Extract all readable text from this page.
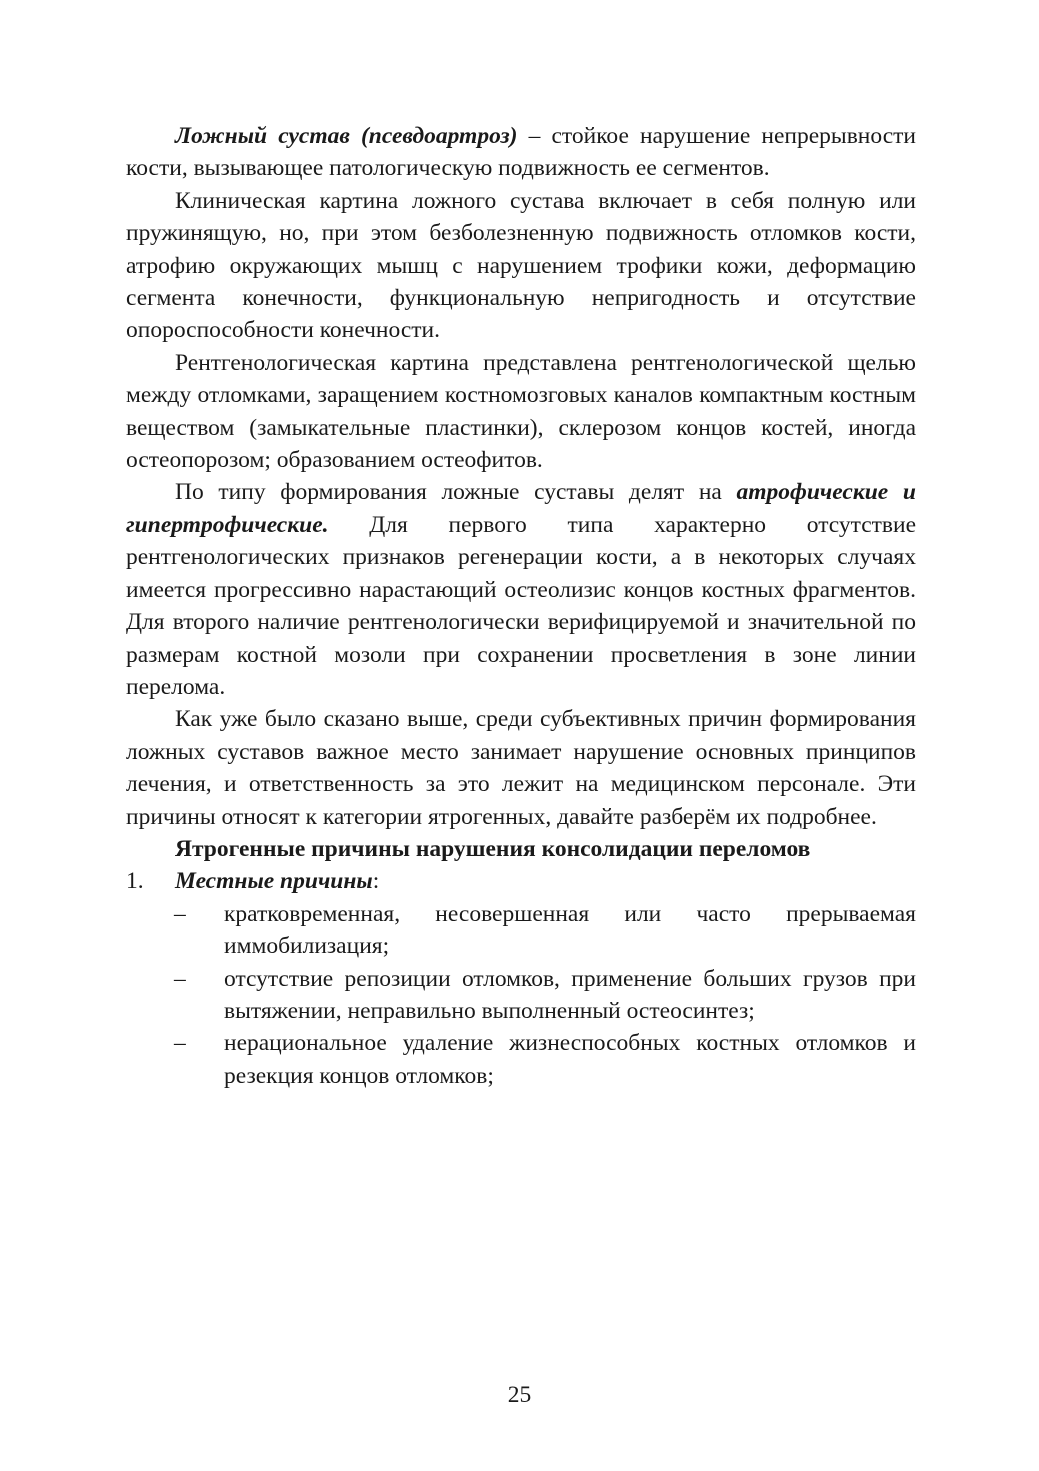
Ложный сустав (псевдоартроз) – стойкое нарушение непрерывности кости, вызывающее патологическую подвижность ее сегментов.

Клиническая картина ложного сустава включает в себя полную или пружинящую, но, при этом безболезненную подвижность отломков кости, атрофию окружающих мышц с нарушением трофики кожи, деформацию сегмента конечности, функциональную непригодность и отсутствие опороспособности конечности.

Рентгенологическая картина представлена рентгенологической щелью между отломками, заращением костномозговых каналов компактным костным веществом (замыкательные пластинки), склерозом концов костей, иногда остеопорозом; образованием остеофитов.

По типу формирования ложные суставы делят на атрофические и гипертрофические. Для первого типа характерно отсутствие рентгенологических признаков регенерации кости, а в некоторых случаях имеется прогрессивно нарастающий остеолизис концов костных фрагментов. Для второго наличие рентгенологически верифицируемой и значительной по размерам костной мозоли при сохранении просветления в зоне линии перелома.

Как уже было сказано выше, среди субъективных причин формирования ложных суставов важное место занимает нарушение основных принципов лечения, и ответственность за это лежит на медицинском персонале. Эти причины относят к категории ятрогенных, давайте разберём их подробнее.

Ятрогенные причины нарушения консолидации переломов

1.	Местные причины:
– кратковременная, несовершенная или часто прерываемая иммобилизация;
– отсутствие репозиции отломков, применение больших грузов при вытяжении, неправильно выполненный остеосинтез;
– нерациональное удаление жизнеспособных костных отломков и резекция концов отломков;
25
